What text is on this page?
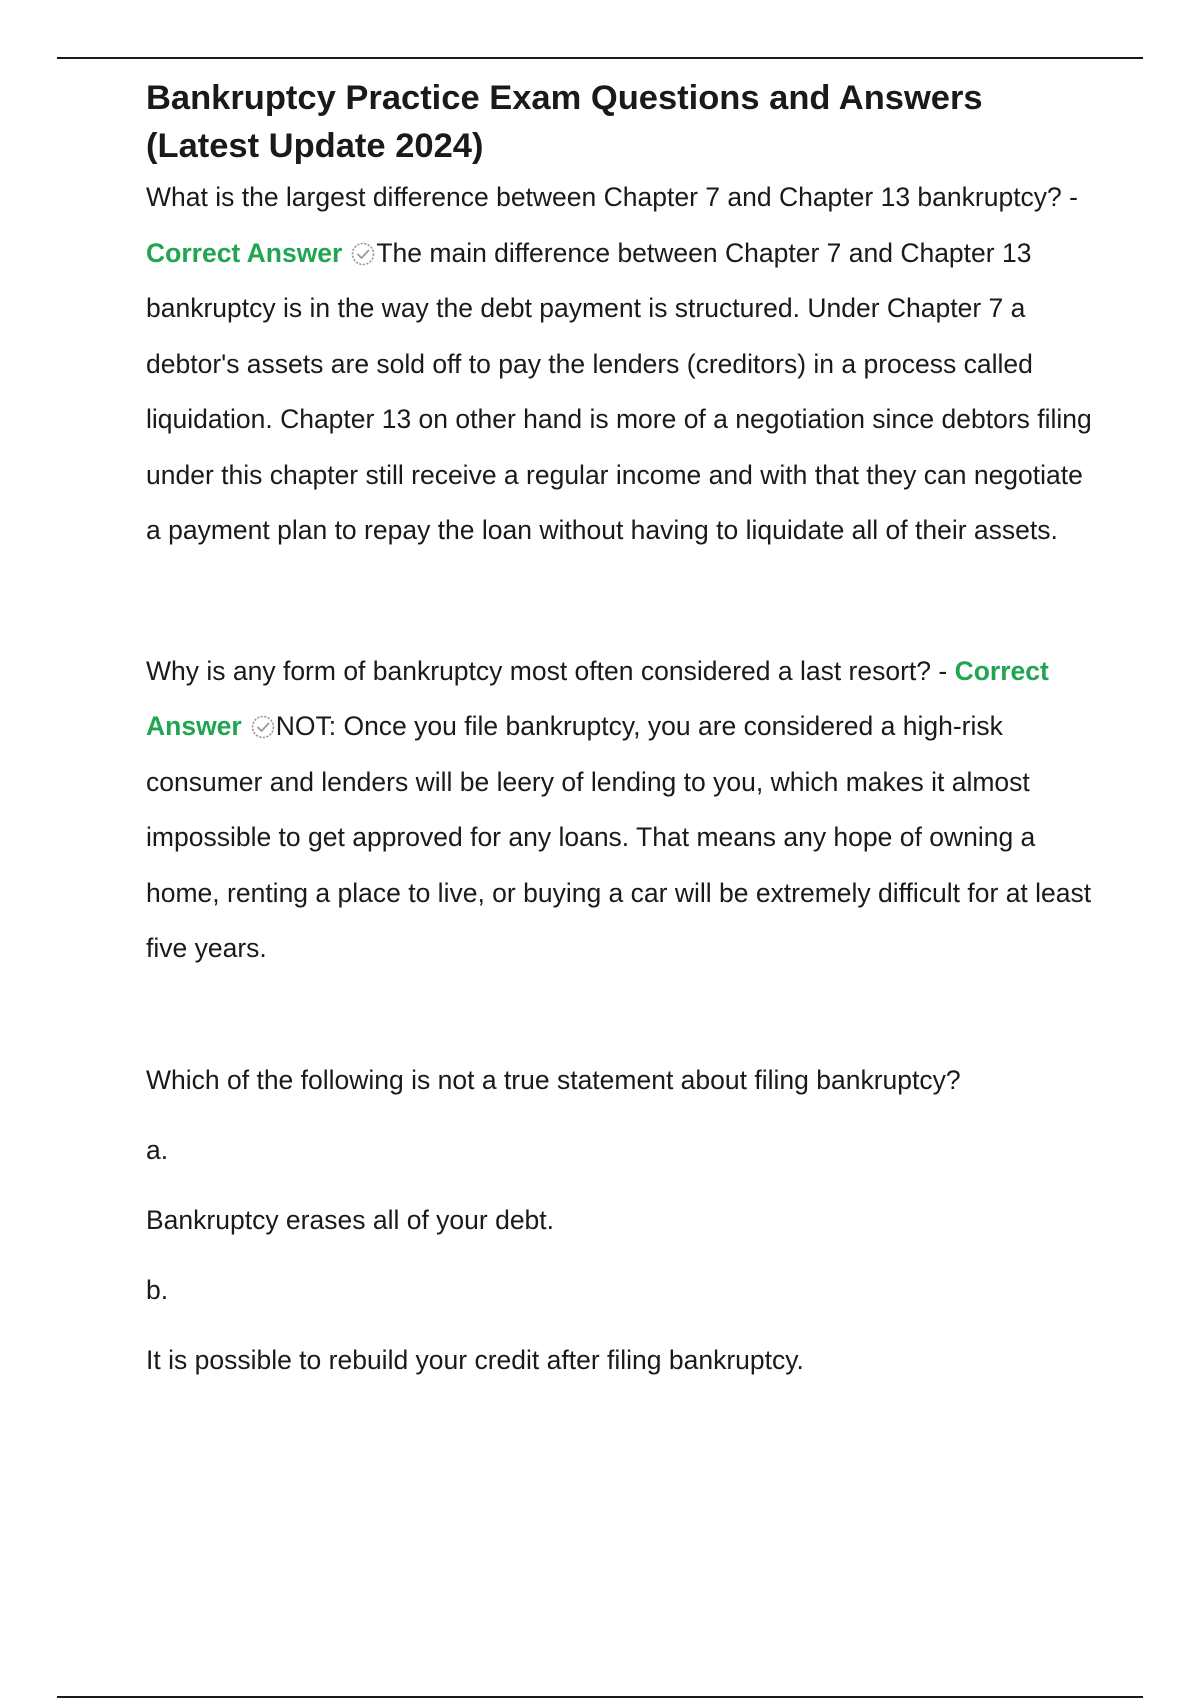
Bankruptcy Practice Exam Questions and Answers (Latest Update 2024)

What is the largest difference between Chapter 7 and Chapter 13 bankruptcy? - Correct Answer The main difference between Chapter 7 and Chapter 13 bankruptcy is in the way the debt payment is structured. Under Chapter 7 a debtor's assets are sold off to pay the lenders (creditors) in a process called liquidation. Chapter 13 on other hand is more of a negotiation since debtors filing under this chapter still receive a regular income and with that they can negotiate a payment plan to repay the loan without having to liquidate all of their assets.

Why is any form of bankruptcy most often considered a last resort? - Correct Answer NOT: Once you file bankruptcy, you are considered a high-risk consumer and lenders will be leery of lending to you, which makes it almost impossible to get approved for any loans. That means any hope of owning a home, renting a place to live, or buying a car will be extremely difficult for at least five years.

Which of the following is not a true statement about filing bankruptcy?

a.

Bankruptcy erases all of your debt.

b.

It is possible to rebuild your credit after filing bankruptcy.
